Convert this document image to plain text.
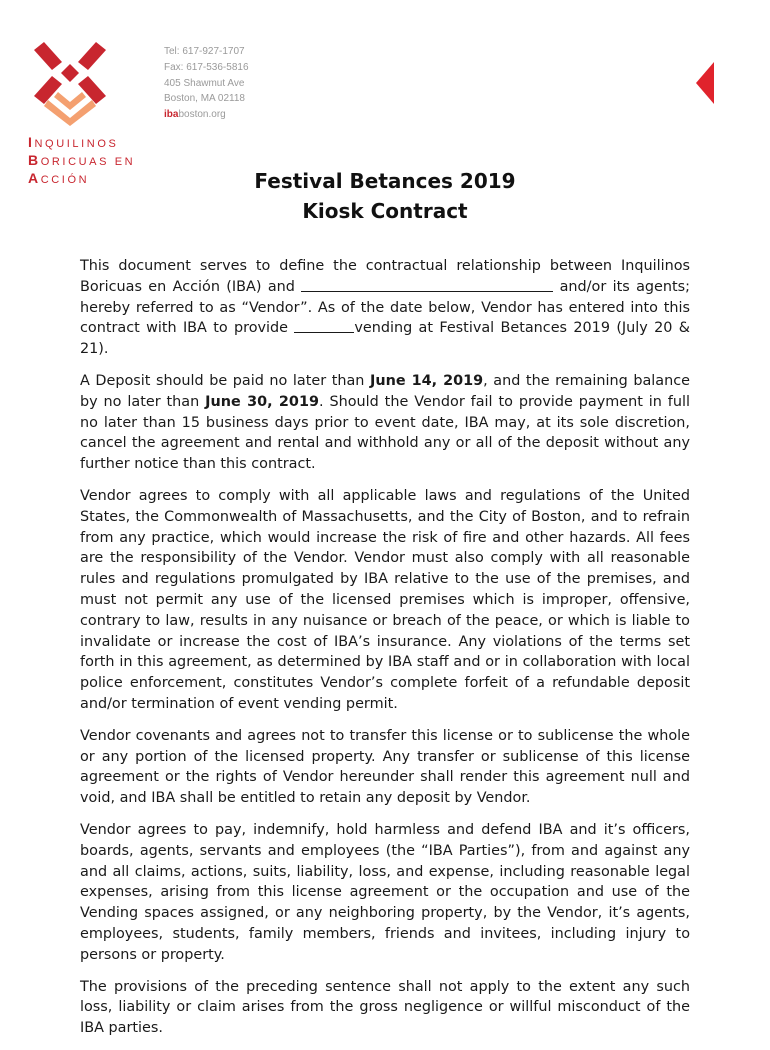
INQUILINOS
BORICUAS EN
ACCIÓN
Tel: 617-927-1707
Fax: 617-536-5816
405 Shawmut Ave
Boston, MA 02118
ibaboston.org
Festival Betances 2019
Kiosk Contract

This document serves to define the contractual relationship between Inquilinos Boricuas en Acción (IBA) and	and/or its agents; hereby referred to as “Vendor”. As of the date below, Vendor has entered into this contract with IBA to provide	vending at Festival Betances 2019 (July 20 & 21).

A Deposit should be paid no later than June 14, 2019, and the remaining balance by no later than June 30, 2019. Should the Vendor fail to provide payment in full no later than 15 business days prior to event date, IBA may, at its sole discretion, cancel the agreement and rental and withhold any or all of the deposit without any further notice than this contract.

Vendor agrees to comply with all applicable laws and regulations of the United States, the Commonwealth of Massachusetts, and the City of Boston, and to refrain from any practice, which would increase the risk of fire and other hazards. All fees are the responsibility of the Vendor. Vendor must also comply with all reasonable rules and regulations promulgated by IBA relative to the use of the premises, and must not permit any use of the licensed premises which is improper, offensive, contrary to law, results in any nuisance or breach of the peace, or which is liable to invalidate or increase the cost of IBA’s insurance. Any violations of the terms set forth in this agreement, as determined by IBA staff and or in collaboration with local police enforcement, constitutes Vendor’s complete forfeit of a refundable deposit and/or termination of event vending permit.

Vendor covenants and agrees not to transfer this license or to sublicense the whole or any portion of the licensed property. Any transfer or sublicense of this license agreement or the rights of Vendor hereunder shall render this agreement null and void, and IBA shall be entitled to retain any deposit by Vendor.

Vendor agrees to pay, indemnify, hold harmless and defend IBA and it’s officers, boards, agents, servants and employees (the “IBA Parties”), from and against any and all claims, actions, suits, liability, loss, and expense, including reasonable legal expenses, arising from this license agreement or the occupation and use of the Vending spaces assigned, or any neighboring property, by the Vendor, it’s agents, employees, students, family members, friends and invitees, including injury to persons or property.

The provisions of the preceding sentence shall not apply to the extent any such loss, liability or claim arises from the gross negligence or willful misconduct of the IBA parties.
